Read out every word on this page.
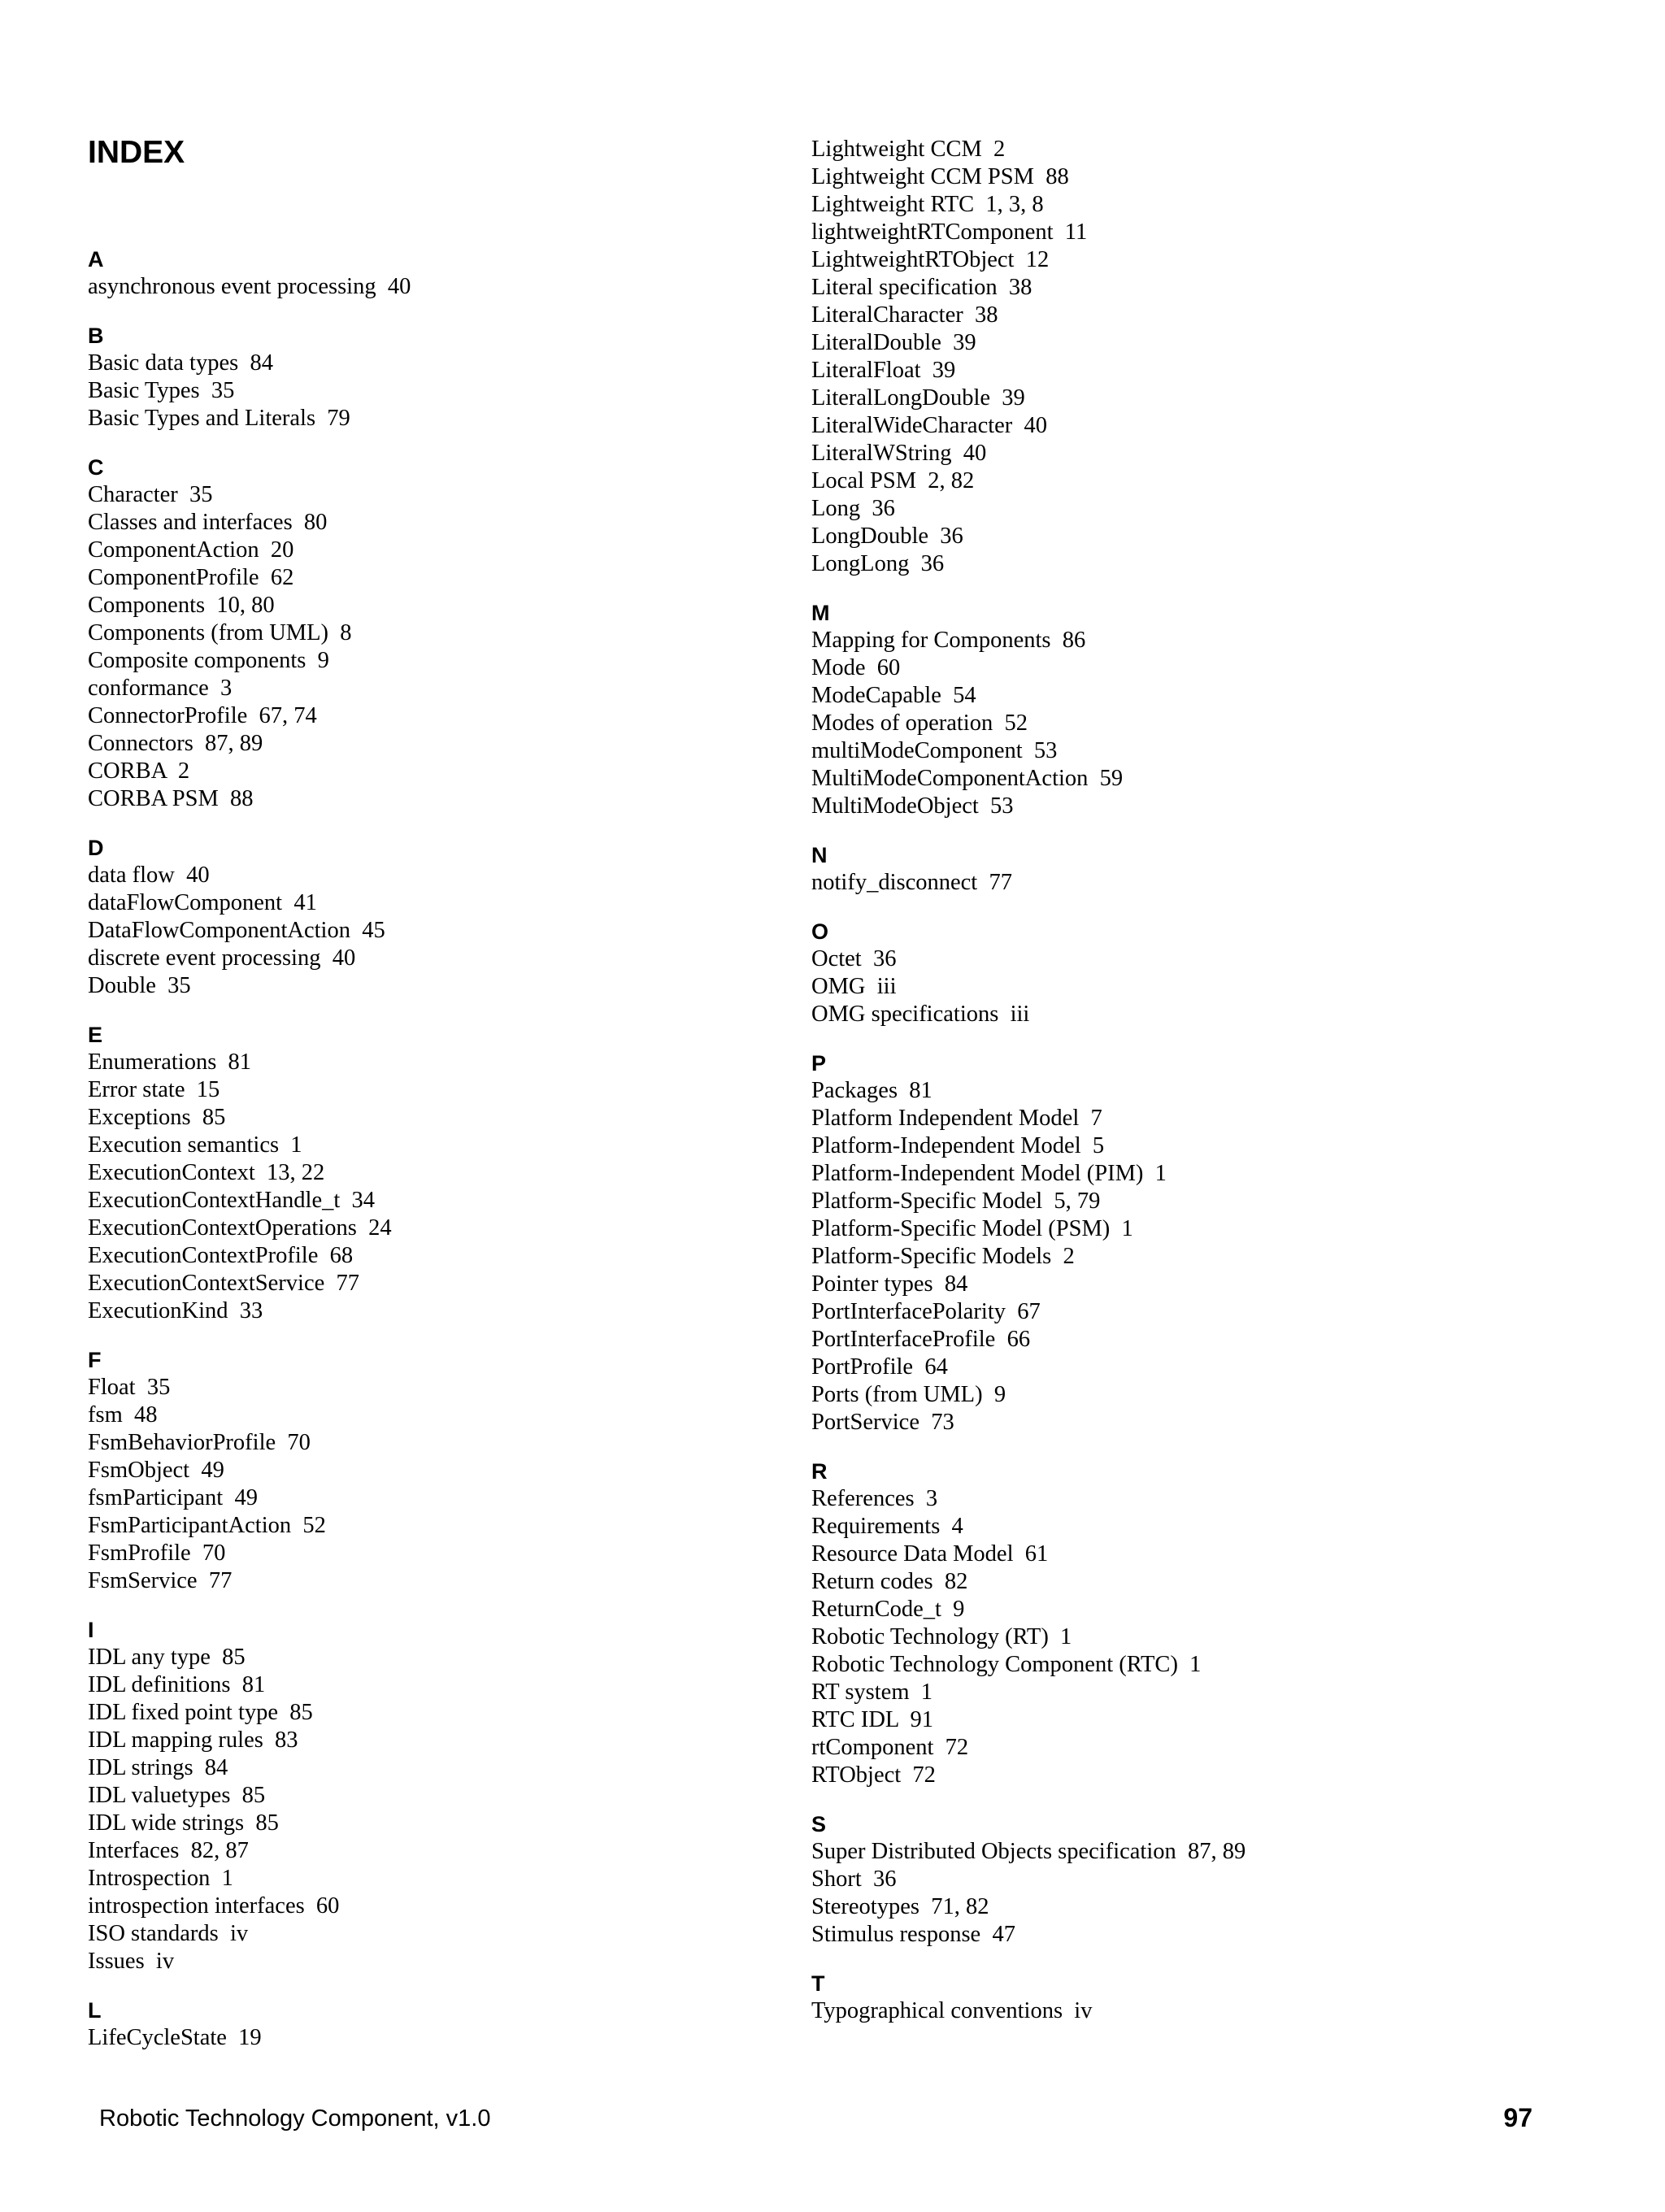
INDEX
A
asynchronous event processing  40
B
Basic data types  84
Basic Types  35
Basic Types and Literals  79
C
Character  35
Classes and interfaces  80
ComponentAction  20
ComponentProfile  62
Components  10, 80
Components (from UML)  8
Composite components  9
conformance  3
ConnectorProfile  67, 74
Connectors  87, 89
CORBA  2
CORBA PSM  88
D
data flow  40
dataFlowComponent  41
DataFlowComponentAction  45
discrete event processing  40
Double  35
E
Enumerations  81
Error state  15
Exceptions  85
Execution semantics  1
ExecutionContext  13, 22
ExecutionContextHandle_t  34
ExecutionContextOperations  24
ExecutionContextProfile  68
ExecutionContextService  77
ExecutionKind  33
F
Float  35
fsm  48
FsmBehaviorProfile  70
FsmObject  49
fsmParticipant  49
FsmParticipantAction  52
FsmProfile  70
FsmService  77
I
IDL any type  85
IDL definitions  81
IDL fixed point type  85
IDL mapping rules  83
IDL strings  84
IDL valuetypes  85
IDL wide strings  85
Interfaces  82, 87
Introspection  1
introspection interfaces  60
ISO standards  iv
Issues  iv
L
LifeCycleState  19
Lightweight CCM  2
Lightweight CCM PSM  88
Lightweight RTC  1, 3, 8
lightweightRTComponent  11
LightweightRTObject  12
Literal specification  38
LiteralCharacter  38
LiteralDouble  39
LiteralFloat  39
LiteralLongDouble  39
LiteralWideCharacter  40
LiteralWString  40
Local PSM  2, 82
Long  36
LongDouble  36
LongLong  36
M
Mapping for Components  86
Mode  60
ModeCapable  54
Modes of operation  52
multiModeComponent  53
MultiModeComponentAction  59
MultiModeObject  53
N
notify_disconnect  77
O
Octet  36
OMG  iii
OMG specifications  iii
P
Packages  81
Platform Independent Model  7
Platform-Independent Model  5
Platform-Independent Model (PIM)  1
Platform-Specific Model  5, 79
Platform-Specific Model (PSM)  1
Platform-Specific Models  2
Pointer types  84
PortInterfacePolarity  67
PortInterfaceProfile  66
PortProfile  64
Ports (from UML)  9
PortService  73
R
References  3
Requirements  4
Resource Data Model  61
Return codes  82
ReturnCode_t  9
Robotic Technology (RT)  1
Robotic Technology Component (RTC)  1
RT system  1
RTC IDL  91
rtComponent  72
RTObject  72
S
Super Distributed Objects specification  87, 89
Short  36
Stereotypes  71, 82
Stimulus response  47
T
Typographical conventions  iv
Robotic Technology Component, v1.0	97
